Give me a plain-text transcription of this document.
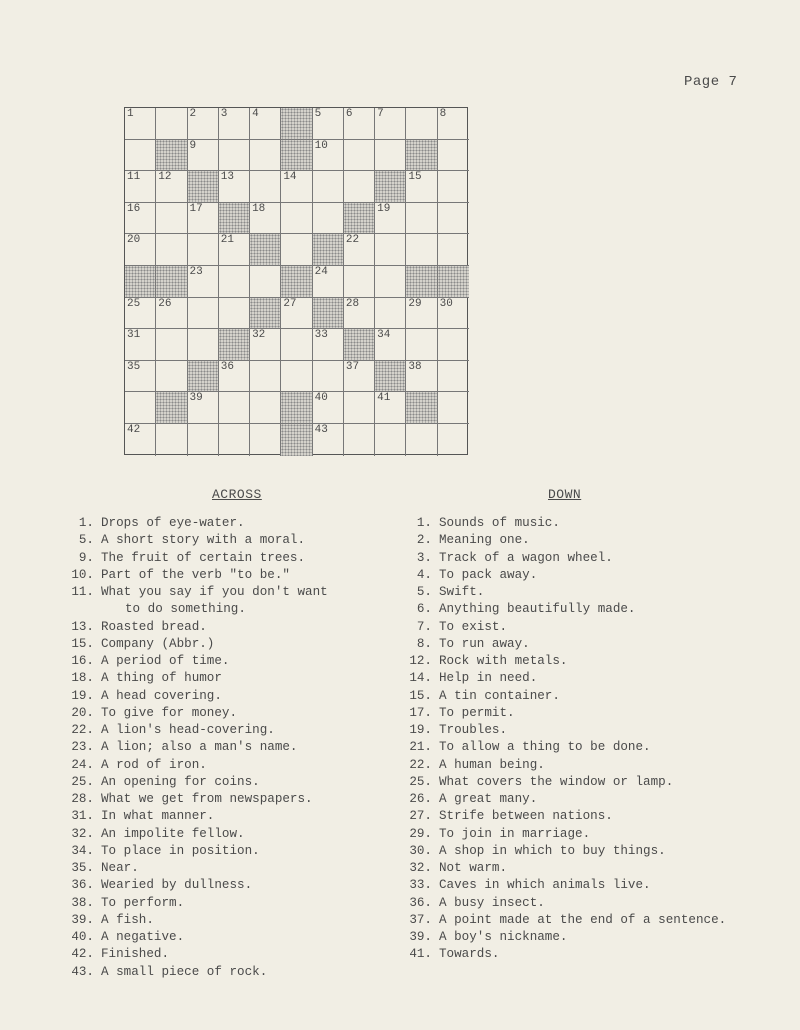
Page 7
1	2 3 4	5 6 7	8
9	10
11 12	13	14	15
16	17	18	19
20	21	22
23	24
25 26	27	28	29 30
31	32	33	34
35	36	37	38
39	40	41
42	43
ACROSS	DOWN
1. Drops of eye-water.
5. A short story with a moral.
9. The fruit of certain trees.
10. Part of the verb "to be."
11. What you say if you don't want
to do something.
13. Roasted bread.
15. Company (Abbr.)
16. A period of time.
18. A thing of humor
19. A head covering.
20. To give for money.
22. A lion's head-covering.
23. A lion; also a man's name.
24. A rod of iron.
25. An opening for coins.
28. What we get from newspapers.
31. In what manner.
32. An impolite fellow.
34. To place in position.
35. Near.
36. Wearied by dullness.
38. To perform.
39. A fish.
40. A negative.
42. Finished.
43. A small piece of rock.
1. Sounds of music.
2. Meaning one.
3. Track of a wagon wheel.
4. To pack away.
5. Swift.
6. Anything beautifully made.
7. To exist.
8. To run away.
12. Rock with metals.
14. Help in need.
15. A tin container.
17. To permit.
19. Troubles.
21. To allow a thing to be done.
22. A human being.
25. What covers the window or lamp.
26. A great many.
27. Strife between nations.
29. To join in marriage.
30. A shop in which to buy things.
32. Not warm.
33. Caves in which animals live.
36. A busy insect.
37. A point made at the end of a sentence.
39. A boy's nickname.
41. Towards.
